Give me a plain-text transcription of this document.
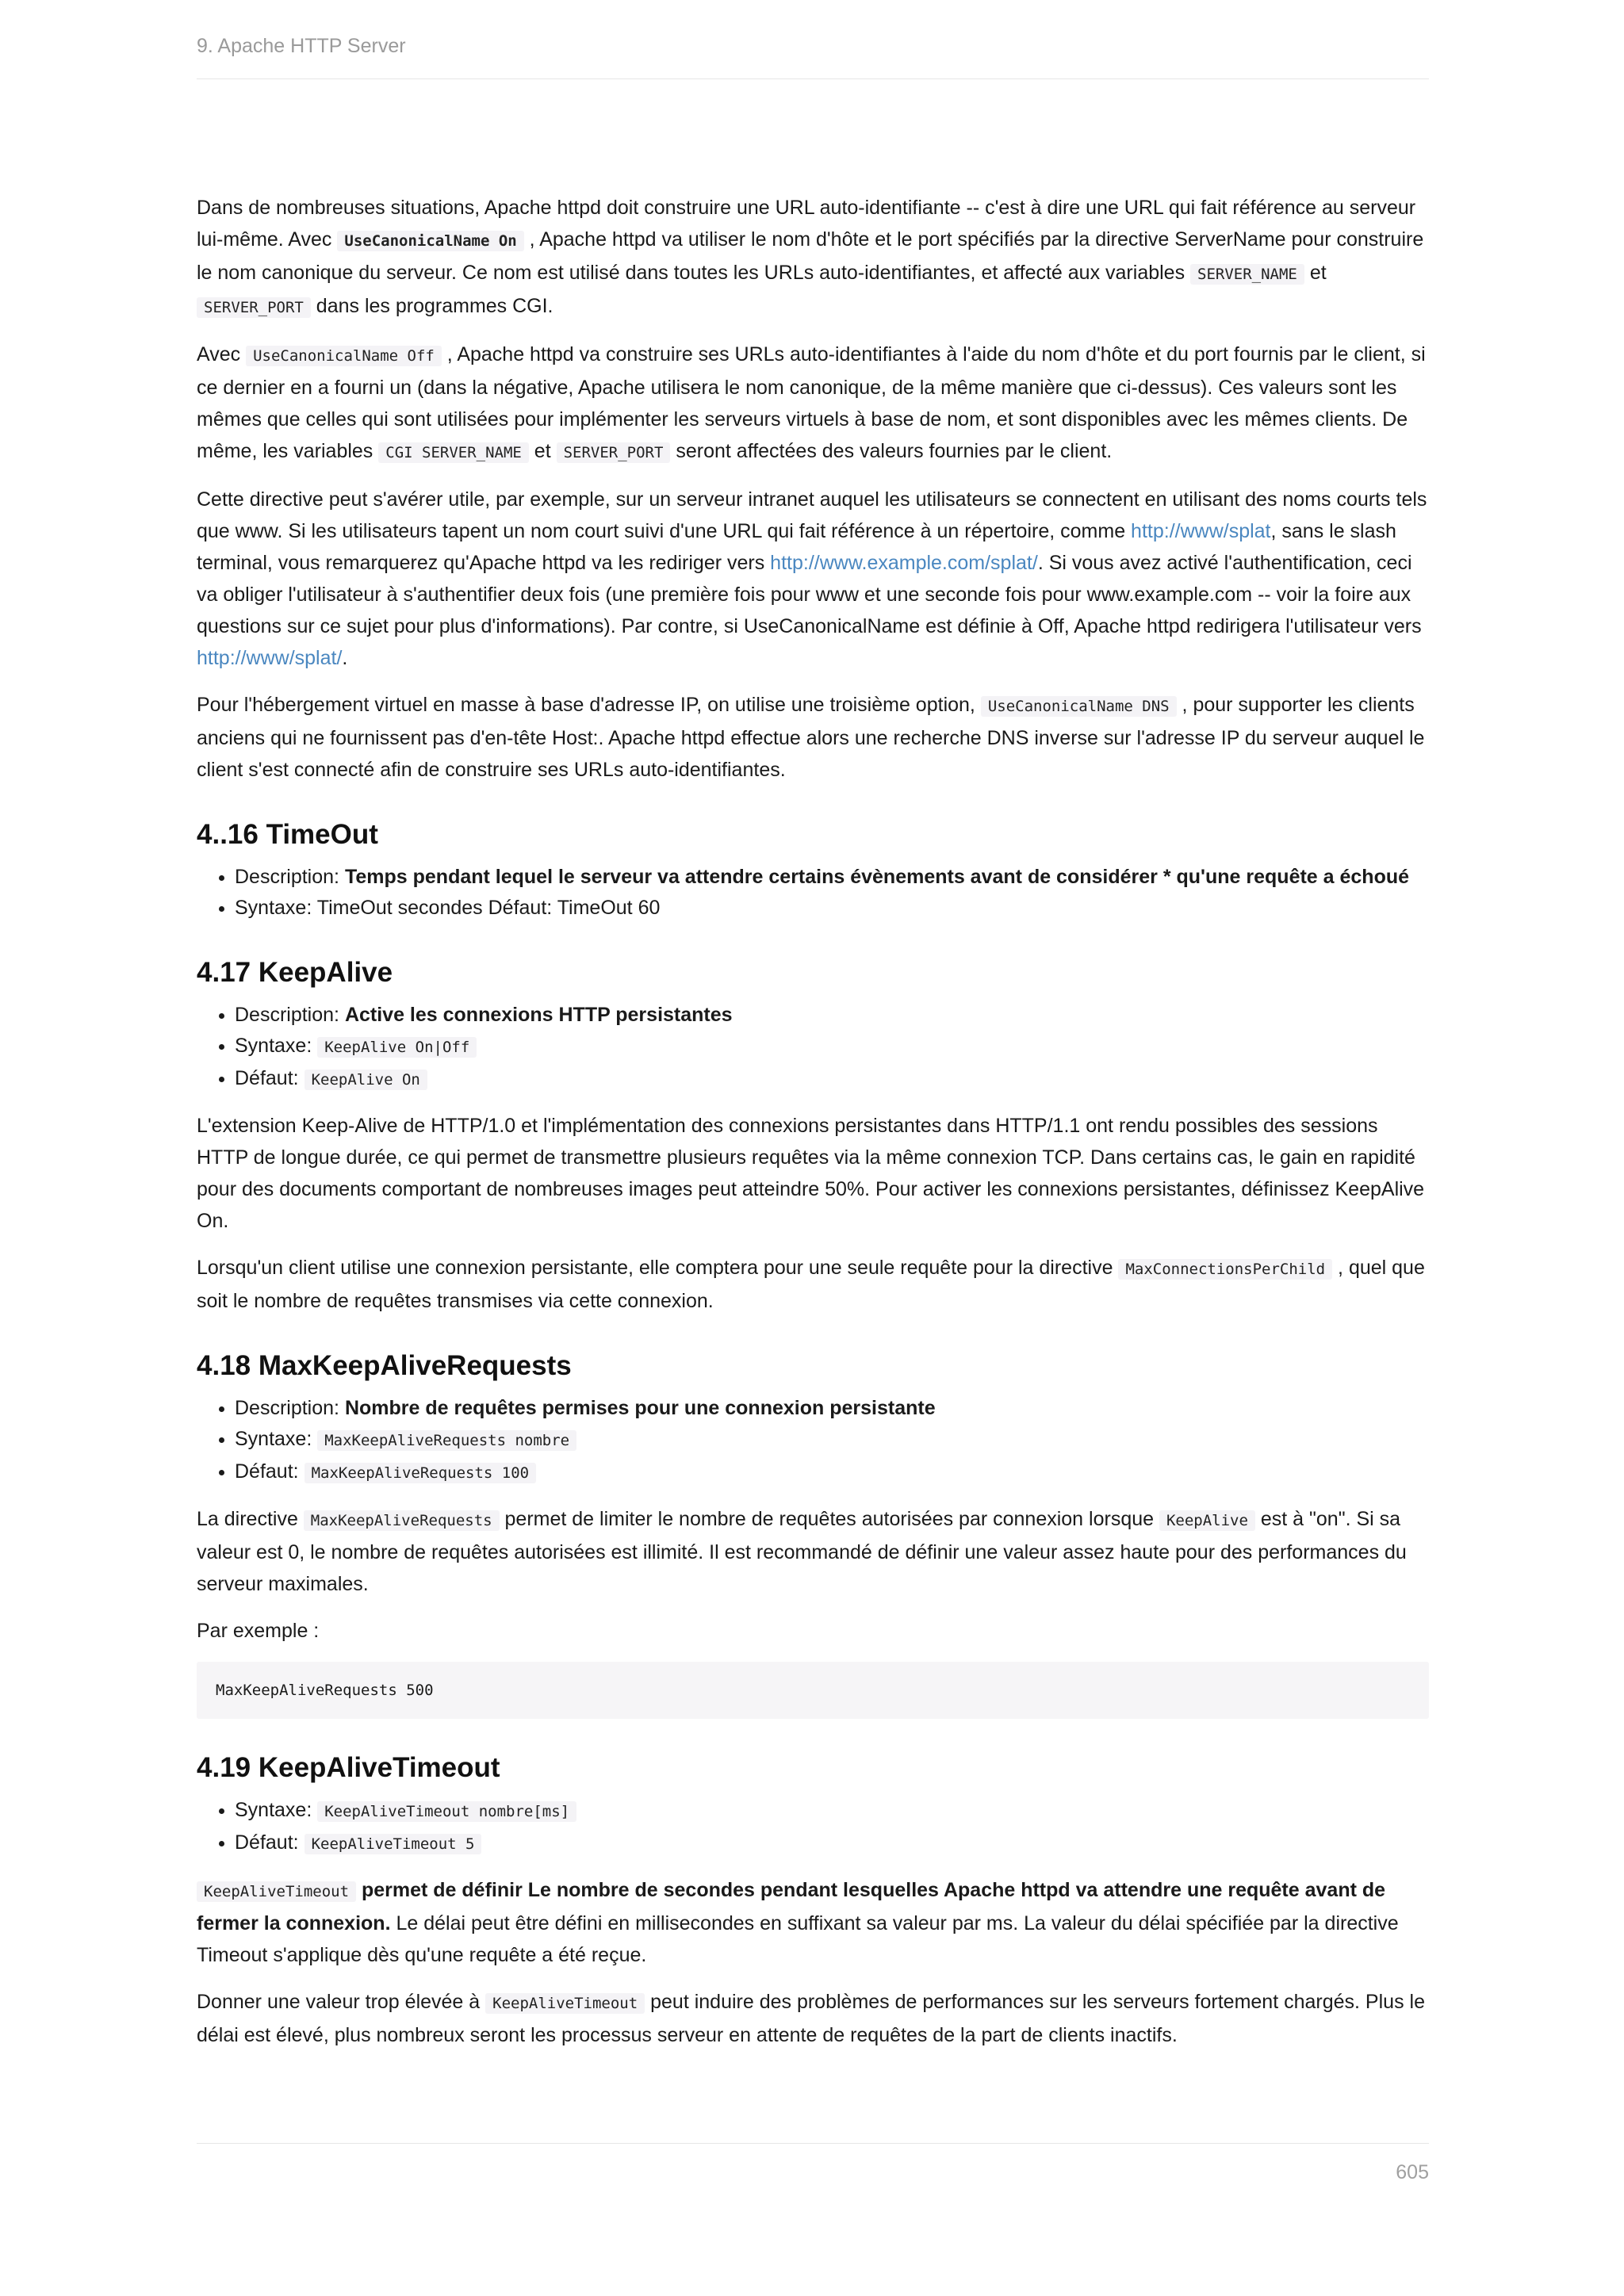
9. Apache HTTP Server

Dans de nombreuses situations, Apache httpd doit construire une URL auto-identifiante -- c'est à dire une URL qui fait référence au serveur lui-même. Avec UseCanonicalName On , Apache httpd va utiliser le nom d'hôte et le port spécifiés par la directive ServerName pour construire le nom canonique du serveur. Ce nom est utilisé dans toutes les URLs auto-identifiantes, et affecté aux variables SERVER_NAME et SERVER_PORT dans les programmes CGI.

Avec UseCanonicalName Off , Apache httpd va construire ses URLs auto-identifiantes à l'aide du nom d'hôte et du port fournis par le client, si ce dernier en a fourni un (dans la négative, Apache utilisera le nom canonique, de la même manière que ci-dessus). Ces valeurs sont les mêmes que celles qui sont utilisées pour implémenter les serveurs virtuels à base de nom, et sont disponibles avec les mêmes clients. De même, les variables CGI SERVER_NAME et SERVER_PORT seront affectées des valeurs fournies par le client.

Cette directive peut s'avérer utile, par exemple, sur un serveur intranet auquel les utilisateurs se connectent en utilisant des noms courts tels que www. Si les utilisateurs tapent un nom court suivi d'une URL qui fait référence à un répertoire, comme http://www/splat, sans le slash terminal, vous remarquerez qu'Apache httpd va les rediriger vers http://www.example.com/splat/. Si vous avez activé l'authentification, ceci va obliger l'utilisateur à s'authentifier deux fois (une première fois pour www et une seconde fois pour www.example.com -- voir la foire aux questions sur ce sujet pour plus d'informations). Par contre, si UseCanonicalName est définie à Off, Apache httpd redirigera l'utilisateur vers http://www/splat/.

Pour l'hébergement virtuel en masse à base d'adresse IP, on utilise une troisième option, UseCanonicalName DNS , pour supporter les clients anciens qui ne fournissent pas d'en-tête Host:. Apache httpd effectue alors une recherche DNS inverse sur l'adresse IP du serveur auquel le client s'est connecté afin de construire ses URLs auto-identifiantes.

4..16 TimeOut
• Description: Temps pendant lequel le serveur va attendre certains évènements avant de considérer * qu'une requête a échoué
• Syntaxe: TimeOut secondes Défaut: TimeOut 60
4.17 KeepAlive
• Description: Active les connexions HTTP persistantes
• Syntaxe: KeepAlive On|Off
• Défaut: KeepAlive On

L'extension Keep-Alive de HTTP/1.0 et l'implémentation des connexions persistantes dans HTTP/1.1 ont rendu possibles des sessions HTTP de longue durée, ce qui permet de transmettre plusieurs requêtes via la même connexion TCP. Dans certains cas, le gain en rapidité pour des documents comportant de nombreuses images peut atteindre 50%. Pour activer les connexions persistantes, définissez KeepAlive On.

Lorsqu'un client utilise une connexion persistante, elle comptera pour une seule requête pour la directive MaxConnectionsPerChild , quel que soit le nombre de requêtes transmises via cette connexion.

4.18 MaxKeepAliveRequests
• Description: Nombre de requêtes permises pour une connexion persistante
• Syntaxe: MaxKeepAliveRequests nombre
• Défaut: MaxKeepAliveRequests 100

La directive MaxKeepAliveRequests permet de limiter le nombre de requêtes autorisées par connexion lorsque KeepAlive est à "on". Si sa valeur est 0, le nombre de requêtes autorisées est illimité. Il est recommandé de définir une valeur assez haute pour des performances du serveur maximales.

Par exemple :

MaxKeepAliveRequests 500
4.19 KeepAliveTimeout
• Syntaxe: KeepAliveTimeout nombre[ms]
• Défaut: KeepAliveTimeout 5

KeepAliveTimeout permet de définir Le nombre de secondes pendant lesquelles Apache httpd va attendre une requête avant de fermer la connexion. Le délai peut être défini en millisecondes en suffixant sa valeur par ms. La valeur du délai spécifiée par la directive Timeout s'applique dès qu'une requête a été reçue.

Donner une valeur trop élevée à KeepAliveTimeout peut induire des problèmes de performances sur les serveurs fortement chargés. Plus le délai est élevé, plus nombreux seront les processus serveur en attente de requêtes de la part de clients inactifs.

605
